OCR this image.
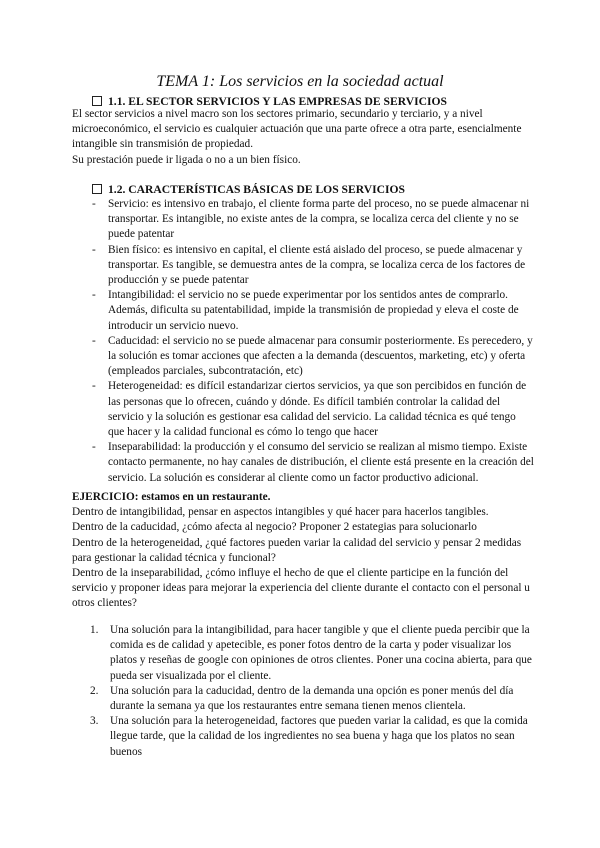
TEMA 1: Los servicios en la sociedad actual
1.1. EL SECTOR SERVICIOS Y LAS EMPRESAS DE SERVICIOS

El sector servicios a nivel macro son los sectores primario, secundario y terciario, y a nivel microeconómico, el servicio es cualquier actuación que una parte ofrece a otra parte, esencialmente intangible sin transmisión de propiedad.

Su prestación puede ir ligada o no a un bien físico.

1.2. CARACTERÍSTICAS BÁSICAS DE LOS SERVICIOS
- Servicio: es intensivo en trabajo, el cliente forma parte del proceso, no se puede almacenar ni transportar. Es intangible, no existe antes de la compra, se localiza cerca del cliente y no se puede patentar
- Bien físico: es intensivo en capital, el cliente está aislado del proceso, se puede almacenar y transportar. Es tangible, se demuestra antes de la compra, se localiza cerca de los factores de producción y se puede patentar
- Intangibilidad: el servicio no se puede experimentar por los sentidos antes de comprarlo. Además, dificulta su patentabilidad, impide la transmisión de propiedad y eleva el coste de introducir un servicio nuevo.
- Caducidad: el servicio no se puede almacenar para consumir posteriormente. Es perecedero, y la solución es tomar acciones que afecten a la demanda (descuentos, marketing, etc) y oferta (empleados parciales, subcontratación, etc)
- Heterogeneidad: es difícil estandarizar ciertos servicios, ya que son percibidos en función de las personas que lo ofrecen, cuándo y dónde. Es difícil también controlar la calidad del servicio y la solución es gestionar esa calidad del servicio. La calidad técnica es qué tengo que hacer y la calidad funcional es cómo lo tengo que hacer
- Inseparabilidad: la producción y el consumo del servicio se realizan al mismo tiempo. Existe contacto permanente, no hay canales de distribución, el cliente está presente en la creación del servicio. La solución es considerar al cliente como un factor productivo adicional.

EJERCICIO: estamos en un restaurante.

Dentro de intangibilidad, pensar en aspectos intangibles y qué hacer para hacerlos tangibles.

Dentro de la caducidad, ¿cómo afecta al negocio? Proponer 2 estategias para solucionarlo

Dentro de la heterogeneidad, ¿qué factores pueden variar la calidad del servicio y pensar 2 medidas para gestionar la calidad técnica y funcional?

Dentro de la inseparabilidad, ¿cómo influye el hecho de que el cliente participe en la función del servicio y proponer ideas para mejorar la experiencia del cliente durante el contacto con el personal u otros clientes?

1. Una solución para la intangibilidad, para hacer tangible y que el cliente pueda percibir que la comida es de calidad y apetecible, es poner fotos dentro de la carta y poder visualizar los platos y reseñas de google con opiniones de otros clientes. Poner una cocina abierta, para que pueda ser visualizada por el cliente.
2. Una solución para la caducidad, dentro de la demanda una opción es poner menús del día durante la semana ya que los restaurantes entre semana tienen menos clientela.
3. Una solución para la heterogeneidad, factores que pueden variar la calidad, es que la comida llegue tarde, que la calidad de los ingredientes no sea buena y haga que los platos no sean buenos
